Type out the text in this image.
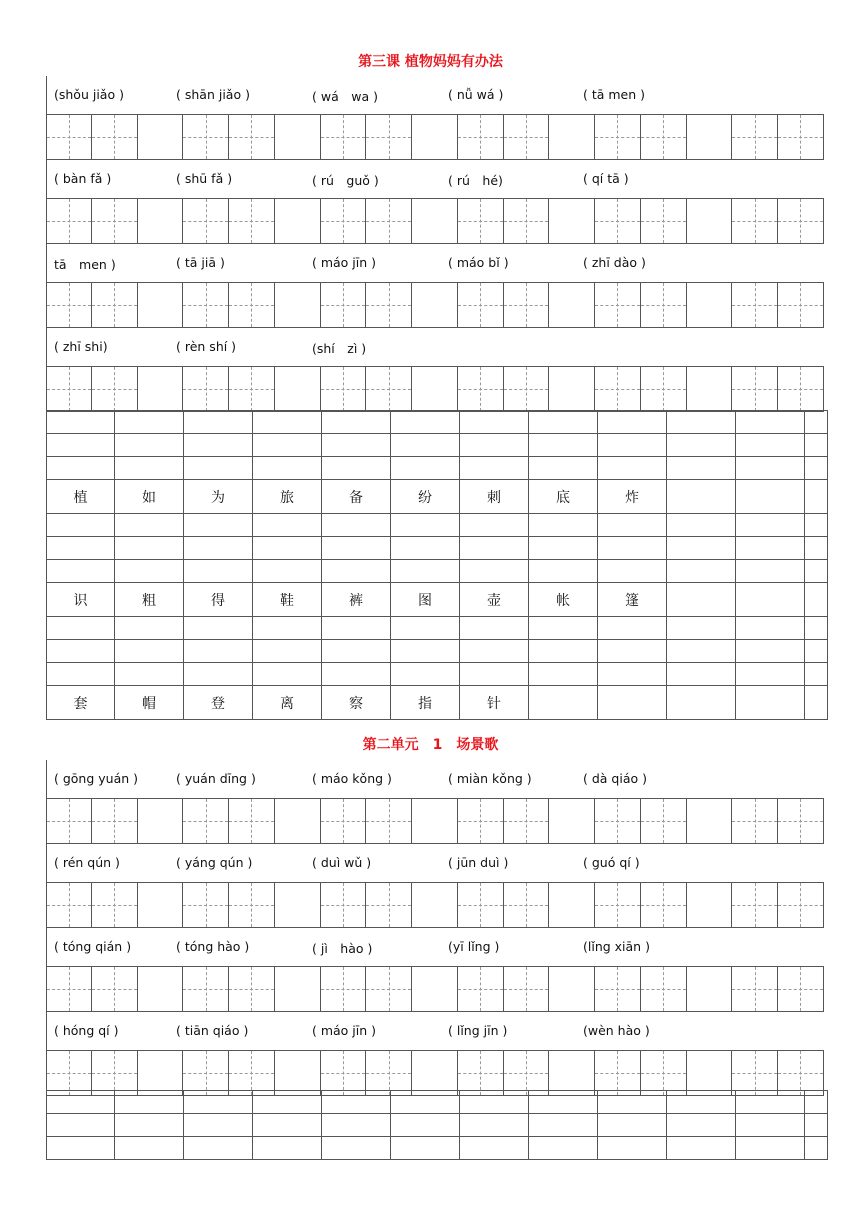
第三课 植物妈妈有办法
(shǒu jiǎo )	( shān jiǎo )	( wá　wa )	( nǚ wá )	( tā men )
( bàn fǎ )	( shū fǎ )	( rú　guǒ )	( rú　hé)	( qí tā )
tā　men )	( tā jiā )	( máo jīn )	( máo bǐ )	( zhī dào )
( zhī shi)	( rèn shí )	(shí　zì )

植	如	为	旅	备	纷	刺	底	炸			

识	粗	得	鞋	裤	图	壶	帐	篷			

套	帽	登	离	察	指	针					
第二单元　1　场景歌
( gōng yuán )	( yuán dīng )	( máo kǒng )	( miàn kǒng )	( dà qiáo )
( rén qún )	( yáng qún )	( duì wǔ )	( jūn duì )	( guó qí )
( tóng qián )	( tóng hào )	( jì　hào )	(yī lǐng )	(lǐng xiān )
( hóng qí )	( tiān qiáo )	( máo jīn )	( lǐng jīn )	(wèn hào )
